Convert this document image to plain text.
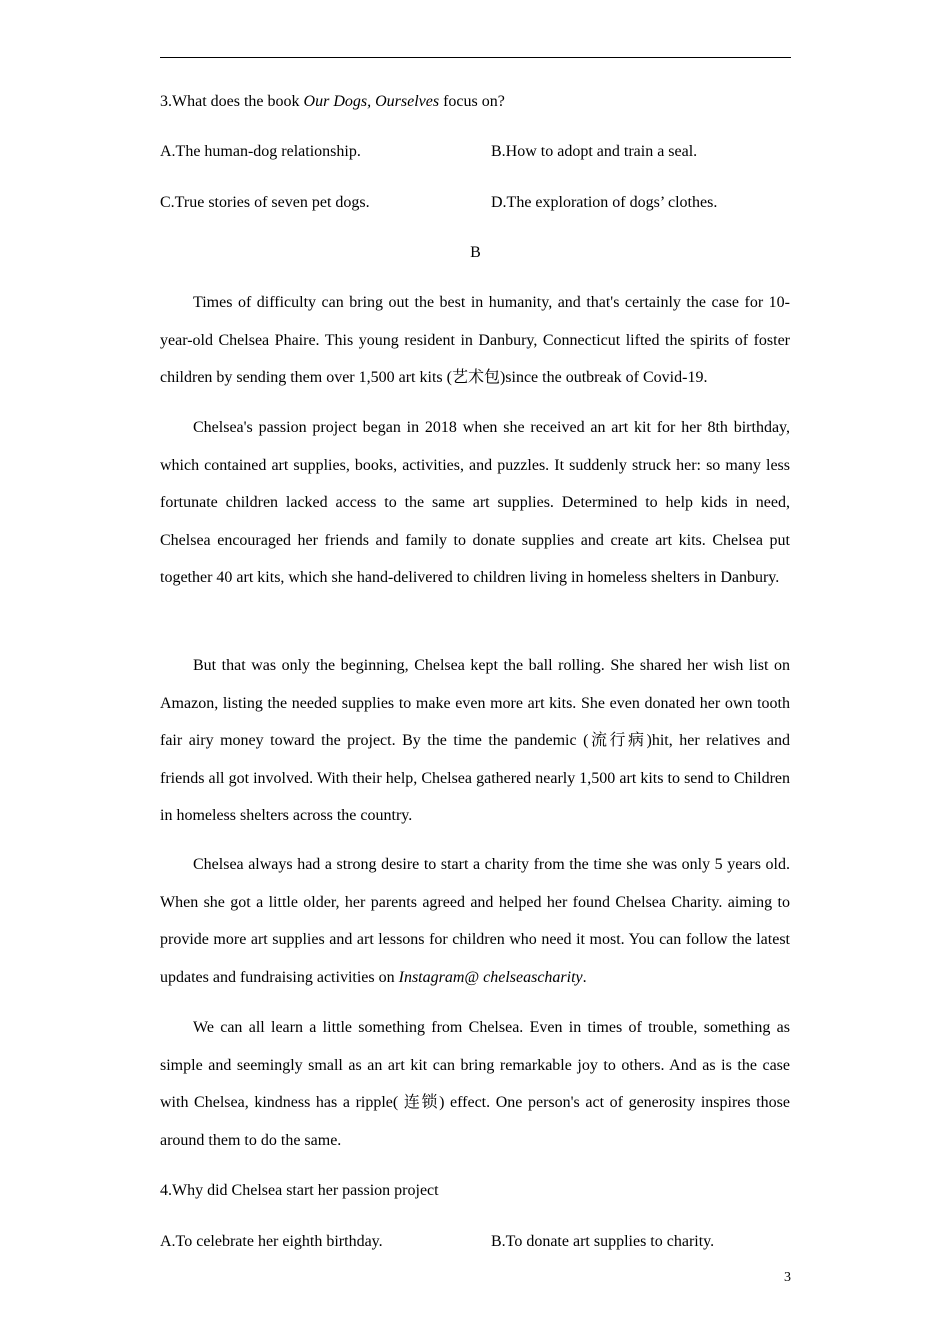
3.What does the book Our Dogs, Ourselves focus on?
A.The human-dog relationship.	B.How to adopt and train a seal.
C.True stories of seven pet dogs.	D.The exploration of dogs’ clothes.
B

Times of difficulty can bring out the best in humanity, and that's certainly the case for 10-year-old Chelsea Phaire. This young resident in Danbury, Connecticut lifted the spirits of foster children by sending them over 1,500 art kits (艺术包)since the outbreak of Covid-19.

Chelsea's passion project began in 2018 when she received an art kit for her 8th birthday, which contained art supplies, books, activities, and puzzles. It suddenly struck her: so many less fortunate children lacked access to the same art supplies. Determined to help kids in need, Chelsea encouraged her friends and family to donate supplies and create art kits. Chelsea put together 40 art kits, which she hand-delivered to children living in homeless shelters in Danbury.

But that was only the beginning, Chelsea kept the ball rolling. She shared her wish list on Amazon, listing the needed supplies to make even more art kits. She even donated her own tooth fair airy money toward the project. By the time the pandemic (流行病)hit, her relatives and friends all got involved. With their help, Chelsea gathered nearly 1,500 art kits to send to Children in homeless shelters across the country.

Chelsea always had a strong desire to start a charity from the time she was only 5 years old. When she got a little older, her parents agreed and helped her found Chelsea Charity. aiming to provide more art supplies and art lessons for children who need it most. You can follow the latest updates and fundraising activities on Instagram@ chelseascharity.

We can all learn a little something from Chelsea. Even in times of trouble, something as simple and seemingly small as an art kit can bring remarkable joy to others. And as is the case with Chelsea, kindness has a ripple( 连锁) effect. One person's act of generosity inspires those around them to do the same.

4.Why did Chelsea start her passion project
A.To celebrate her eighth birthday.	B.To donate art supplies to charity.
3
